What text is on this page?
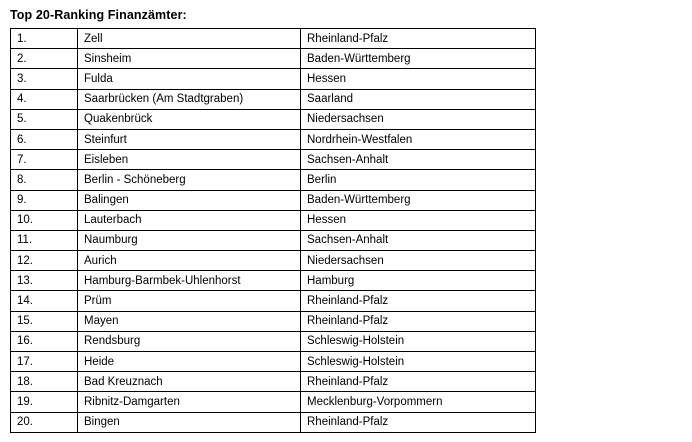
Top 20-Ranking Finanzämter:
1.	Zell	Rheinland-Pfalz
2.	Sinsheim	Baden-Württemberg
3.	Fulda	Hessen
4.	Saarbrücken (Am Stadtgraben)	Saarland
5.	Quakenbrück	Niedersachsen
6.	Steinfurt	Nordrhein-Westfalen
7.	Eisleben	Sachsen-Anhalt
8.	Berlin - Schöneberg	Berlin
9.	Balingen	Baden-Württemberg
10.	Lauterbach	Hessen
11.	Naumburg	Sachsen-Anhalt
12.	Aurich	Niedersachsen
13.	Hamburg-Barmbek-Uhlenhorst	Hamburg
14.	Prüm	Rheinland-Pfalz
15.	Mayen	Rheinland-Pfalz
16.	Rendsburg	Schleswig-Holstein
17.	Heide	Schleswig-Holstein
18.	Bad Kreuznach	Rheinland-Pfalz
19.	Ribnitz-Damgarten	Mecklenburg-Vorpommern
20.	Bingen	Rheinland-Pfalz
